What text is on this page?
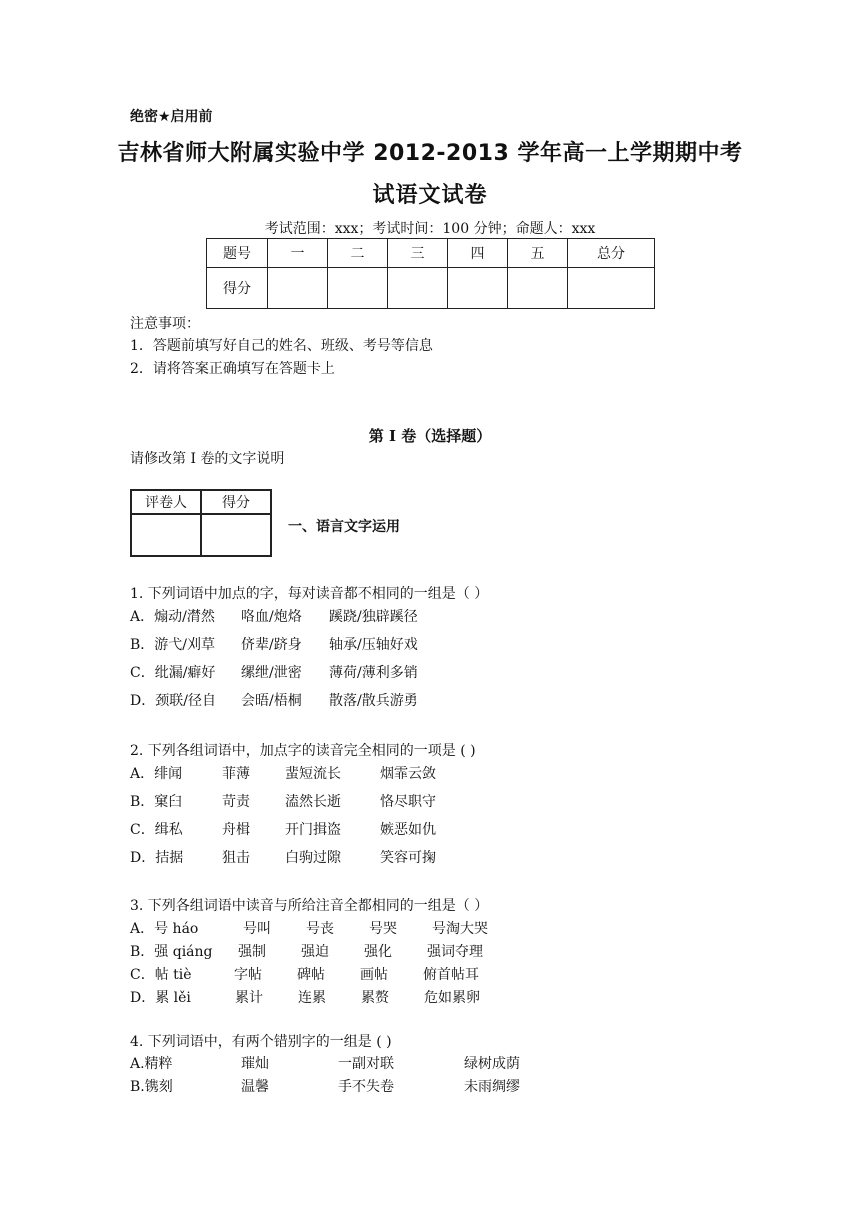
绝密★启用前
吉林省师大附属实验中学 2012-2013 学年高一上学期期中考
试语文试卷
考试范围：xxx；考试时间：100 分钟；命题人：xxx
题号	一	二	三	四	五	总分
得分						
注意事项：
1．答题前填写好自己的姓名、班级、考号等信息
2．请将答案正确填写在答题卡上
第 I 卷（选择题）
请修改第 I 卷的文字说明
评卷人	得分

一、语言文字运用
1. 下列词语中加点的字，每对读音都不相同的一组是（ ）
A．煽动/潸然 咯血/炮烙 蹊跷/独辟蹊径
B．游弋/刈草 侪辈/跻身 轴承/压轴好戏
C．纰漏/癖好 缧绁/泄密 薄荷/薄利多销
D．颈联/径自 会晤/梧桐 散落/散兵游勇
2. 下列各组词语中，加点字的读音完全相同的一项是 ( )
A．绯闻	菲薄	蜚短流长	烟霏云敛
B．窠臼	苛责	溘然长逝	恪尽职守
C．缉私	舟楫	开门揖盗	嫉恶如仇
D．拮据	狙击	白驹过隙	笑容可掬
3. 下列各组词语中读音与所给注音全都相同的一组是（ ）
A．号 háo	号叫	号丧	号哭	号淘大哭
B．强 qiáng 强制	强迫	强化	强词夺理
C．帖 tiè	字帖	碑帖	画帖	俯首帖耳
D．累 lěi	累计	连累	累赘	危如累卵
4. 下列词语中，有两个错别字的一组是 ( )
A.精粹	璀灿	一副对联	绿树成荫
B.镌刻	温馨	手不失卷	未雨绸缪
